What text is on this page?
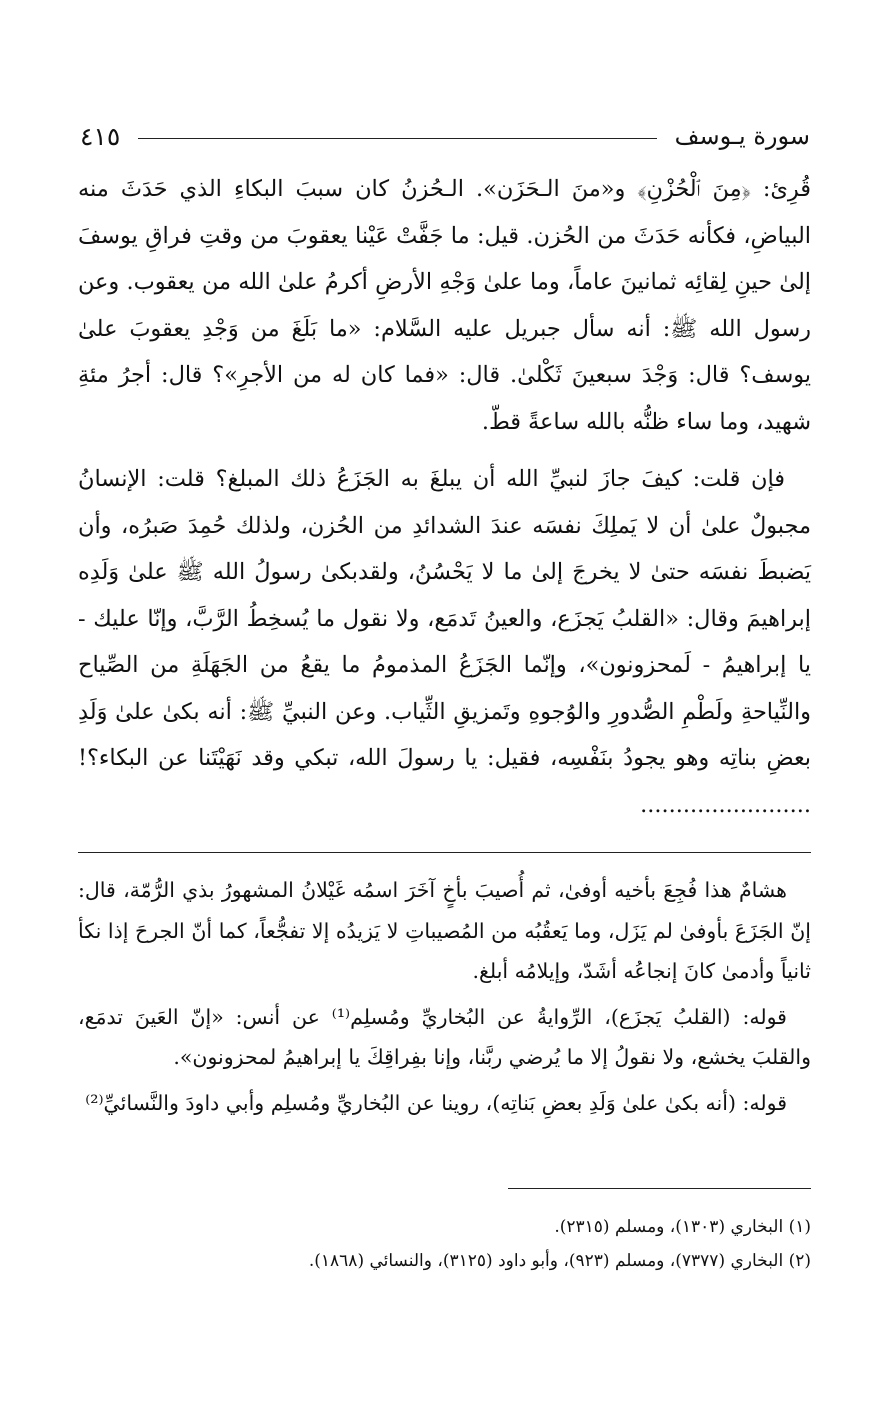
سورة يـوسف
٤١٥

قُرِئ: ﴿مِنَ ٱلْحُزْنِ﴾ و«منَ الـحَزَن». الـحُزنُ كان سببَ البكاءِ الذي حَدَثَ منه البياضِ، فكأنه حَدَثَ من الحُزن. قيل: ما جَفَّتْ عَيْنا يعقوبَ من وقتِ فراقِ يوسفَ إلىٰ حينِ لِقائِه ثمانينَ عاماً، وما علىٰ وَجْهِ الأرضِ أكرمُ علىٰ الله من يعقوب. وعن رسول الله ﷺ: أنه سأل جبريل عليه السَّلام: «ما بَلَغَ من وَجْدِ يعقوبَ علىٰ يوسف؟ قال: وَجْدَ سبعينَ ثَكْلىٰ. قال: «فما كان له من الأجرِ»؟ قال: أجرُ مئةِ شهيد، وما ساء ظنُّه بالله ساعةً قطّ.

فإن قلت: كيفَ جازَ لنبيِّ الله أن يبلغَ به الجَزَعُ ذلك المبلغ؟ قلت: الإنسانُ مجبولٌ علىٰ أن لا يَملِكَ نفسَه عندَ الشدائدِ من الحُزن، ولذلك حُمِدَ صَبرُه، وأن يَضبطَ نفسَه حتىٰ لا يخرجَ إلىٰ ما لا يَحْسُنُ، ولقدبكىٰ رسولُ الله ﷺ علىٰ وَلَدِه إبراهيمَ وقال: «القلبُ يَجزَع، والعينُ تَدمَع، ولا نقول ما يُسخِطُ الرَّبَّ، وإنّا عليك - يا إبراهيمُ - لَمحزونون»، وإنّما الجَزَعُ المذمومُ ما يقعُ من الجَهَلَةِ من الصِّياح والنِّياحةِ ولَطْمِ الصُّدورِ والوُجوهِ وتَمزيقِ الثِّياب. وعن النبيِّ ﷺ: أنه بكىٰ علىٰ وَلَدِ بعضِ بناتِه وهو يجودُ بنَفْسِه، فقيل: يا رسولَ الله، تبكي وقد نَهَيْتَنا عن البكاء؟! ........................

هشامٌ هذا فُجِعَ بأخيه أوفىٰ، ثم أُصيبَ بأخٍ آخَرَ اسمُه غَيْلانُ المشهورُ بذي الرُّمّة، قال: إنّ الجَزَعَ بأوفىٰ لم يَزَل، وما يَعقُبُه من المُصيباتِ لا يَزيدُه إلا تفجُّعاً، كما أنّ الجرحَ إذا نكأ ثانياً وأدمىٰ كانَ إنجاعُه أشَدّ، وإيلامُه أبلغ.

قوله: (القلبُ يَجزَع)، الرِّوايةُ عن البُخاريِّ ومُسلِم⁽¹⁾ عن أنس: «إنّ العَينَ تدمَع، والقلبَ يخشع، ولا نقولُ إلا ما يُرضي ربَّنا، وإنا بفِراقِكَ يا إبراهيمُ لمحزونون».

قوله: (أنه بكىٰ علىٰ وَلَدِ بعضِ بَناتِه)، روينا عن البُخاريِّ ومُسلِم وأبي داودَ والنَّسائيِّ⁽²⁾

(١) البخاري (١٣٠٣)، ومسلم (٢٣١٥).

(٢) البخاري (٧٣٧٧)، ومسلم (٩٢٣)، وأبو داود (٣١٢٥)، والنسائي (١٨٦٨).
